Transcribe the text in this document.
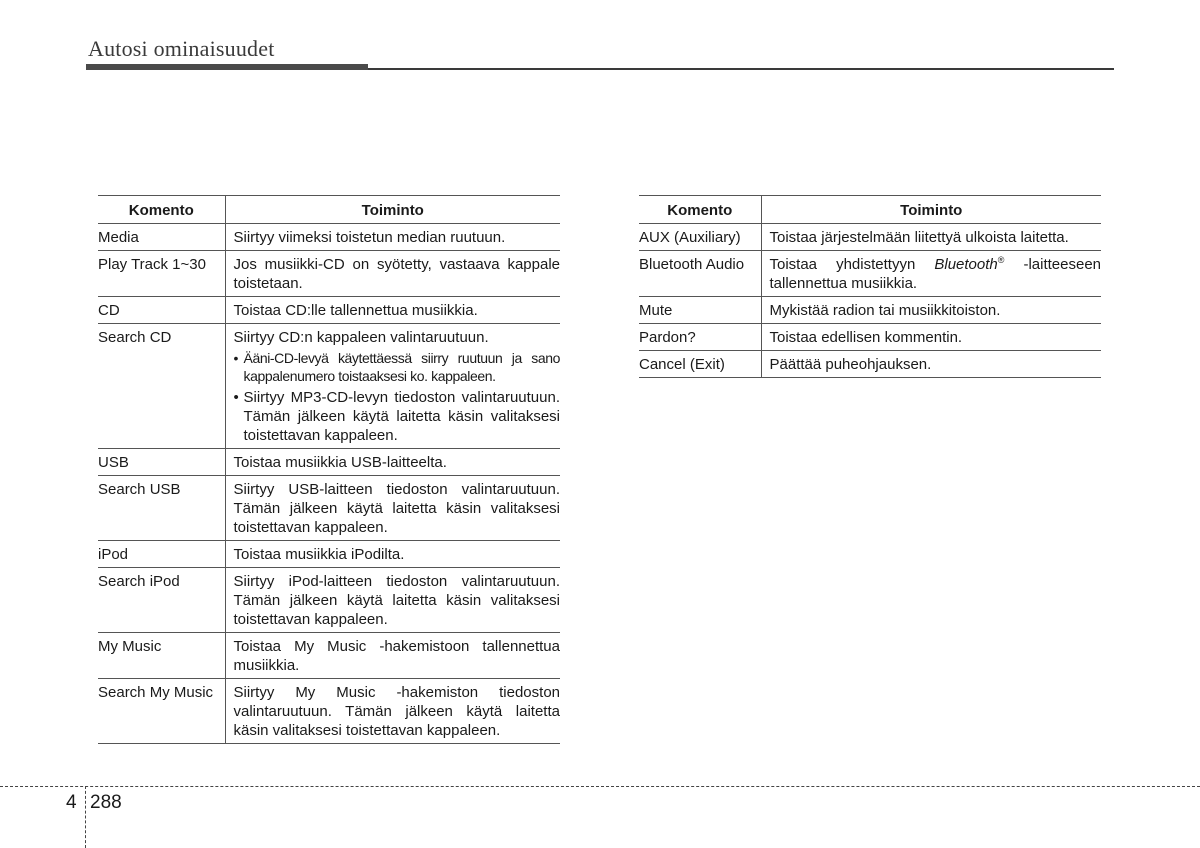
Autosi ominaisuudet
Komento	Toiminto
Media	Siirtyy viimeksi toistetun median ruutuun.
Play Track 1~30	Jos musiikki-CD on syötetty, vastaava kappale toistetaan.
CD	Toistaa CD:lle tallennettua musiikkia.
Search CD	Siirtyy CD:n kappaleen valintaruutuun.
• Ääni-CD-levyä käytettäessä siirry ruutuun ja sano kappalenumero toistaaksesi ko. kappaleen.
• Siirtyy MP3-CD-levyn tiedoston valintaruutuun. Tämän jälkeen käytä laitetta käsin valitaksesi toistettavan kappaleen.

USB	Toistaa musiikkia USB-laitteelta.
Search USB	Siirtyy USB-laitteen tiedoston valintaruutuun. Tämän jälkeen käytä laitetta käsin valitaksesi toistettavan kappaleen.
iPod	Toistaa musiikkia iPodilta.
Search iPod	Siirtyy iPod-laitteen tiedoston valintaruutuun. Tämän jälkeen käytä laitetta käsin valitaksesi toistettavan kappaleen.
My Music	Toistaa My Music -hakemistoon tallennettua musiikkia.
Search My Music	Siirtyy My Music -hakemiston tiedoston valintaruutuun. Tämän jälkeen käytä laitetta käsin valitaksesi toistettavan kappaleen.
Komento	Toiminto
AUX (Auxiliary)	Toistaa järjestelmään liitettyä ulkoista laitetta.
Bluetooth Audio	Toistaa yhdistettyyn Bluetooth® -laitteeseen tallennettua musiikkia.
Mute	Mykistää radion tai musiikkitoiston.
Pardon?	Toistaa edellisen kommentin.
Cancel (Exit)	Päättää puheohjauksen.
4 288
